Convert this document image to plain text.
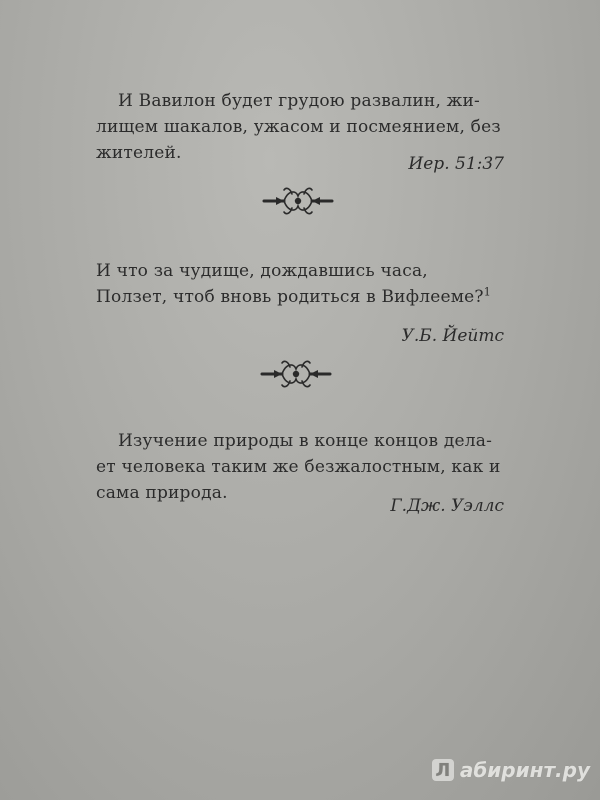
И Вавилон будет грудою развалин, жи-
лищем шакалов, ужасом и посмеянием, без
жителей.
Иер. 51:37
И что за чудище, дождавшись часа,
Ползет, чтоб вновь родиться в Вифлееме?$^1$
У.Б. Йейтс
Изучение природы в конце концов дела-
ет человека таким же безжалостным, как и
сама природа.
Г.Дж. Уэллс
Л абиринт.ру
